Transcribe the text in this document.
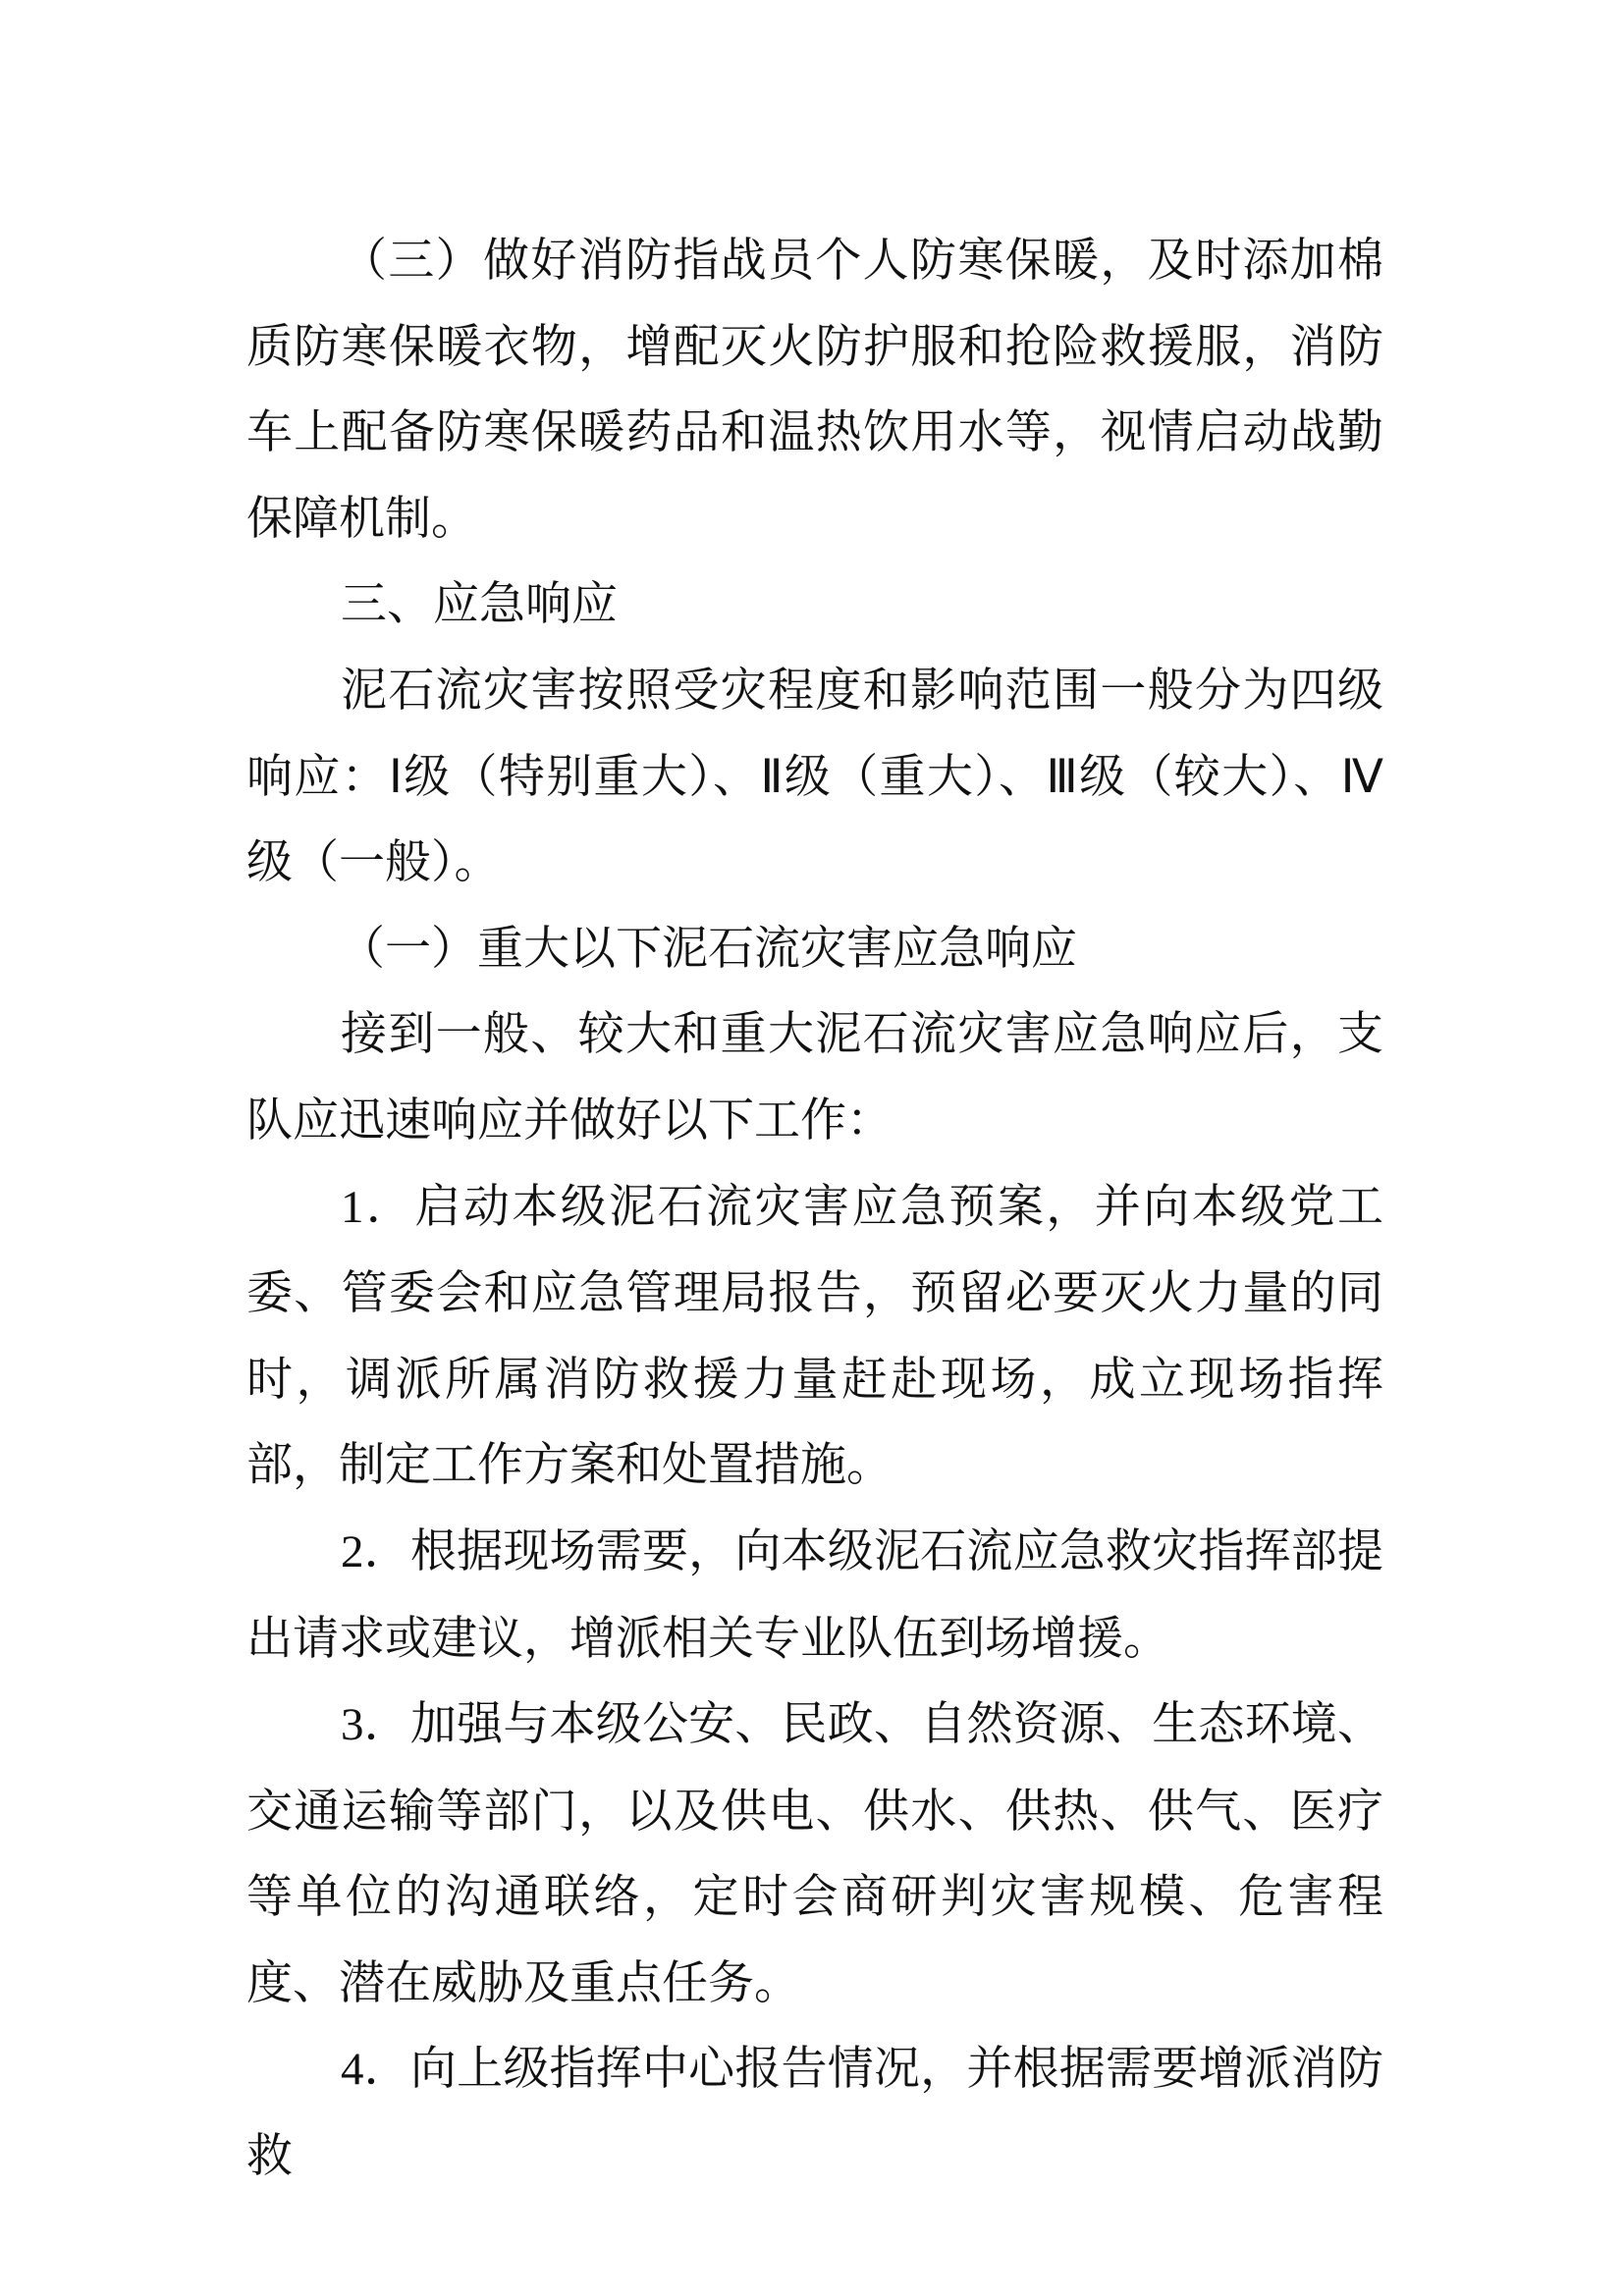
（三）做好消防指战员个人防寒保暖，及时添加棉质防寒保暖衣物，增配灭火防护服和抢险救援服，消防车上配备防寒保暖药品和温热饮用水等，视情启动战勤保障机制。

三、应急响应

泥石流灾害按照受灾程度和影响范围一般分为四级响应：Ⅰ级（特别重大）、Ⅱ级（重大）、Ⅲ级（较大）、Ⅳ级（一般）。

（一）重大以下泥石流灾害应急响应

接到一般、较大和重大泥石流灾害应急响应后，支队应迅速响应并做好以下工作：

1．启动本级泥石流灾害应急预案，并向本级党工委、管委会和应急管理局报告，预留必要灭火力量的同时，调派所属消防救援力量赶赴现场，成立现场指挥部，制定工作方案和处置措施。

2．根据现场需要，向本级泥石流应急救灾指挥部提出请求或建议，增派相关专业队伍到场增援。

3．加强与本级公安、民政、自然资源、生态环境、交通运输等部门，以及供电、供水、供热、供气、医疗等单位的沟通联络，定时会商研判灾害规模、危害程度、潜在威胁及重点任务。

4．向上级指挥中心报告情况，并根据需要增派消防救
